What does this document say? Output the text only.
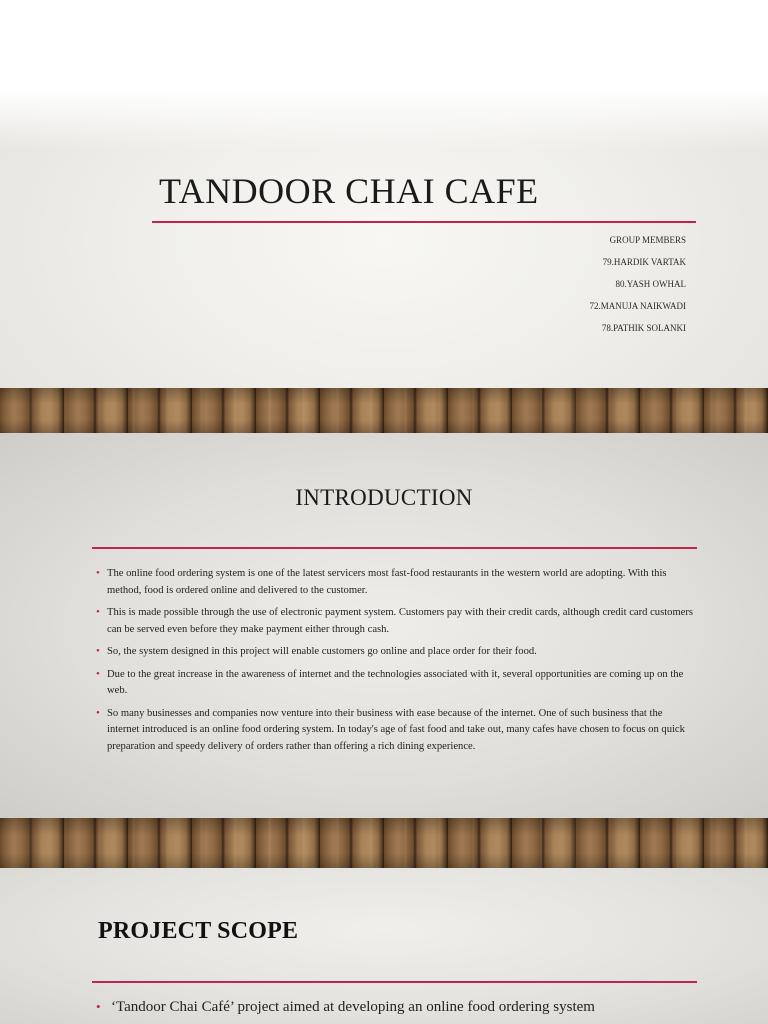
TANDOOR CHAI CAFE
GROUP MEMBERS
79.HARDIK VARTAK
80.YASH OWHAL
72.MANUJA NAIKWADI
78.PATHIK SOLANKI
INTRODUCTION
• The online food ordering system is one of the latest servicers most fast-food restaurants in the western world are adopting. With this method, food is ordered online and delivered to the customer.
• This is made possible through the use of electronic payment system. Customers pay with their credit cards, although credit card customers can be served even before they make payment either through cash.
• So, the system designed in this project will enable customers go online and place order for their food.
• Due to the great increase in the awareness of internet and the technologies associated with it, several opportunities are coming up on the web.
• So many businesses and companies now venture into their business with ease because of the internet. One of such business that the internet introduced is an online food ordering system. In today's age of fast food and take out, many cafes have chosen to focus on quick preparation and speedy delivery of orders rather than offering a rich dining experience.
PROJECT SCOPE
• ‘Tandoor Chai Café’ project aimed at developing an online food ordering system
